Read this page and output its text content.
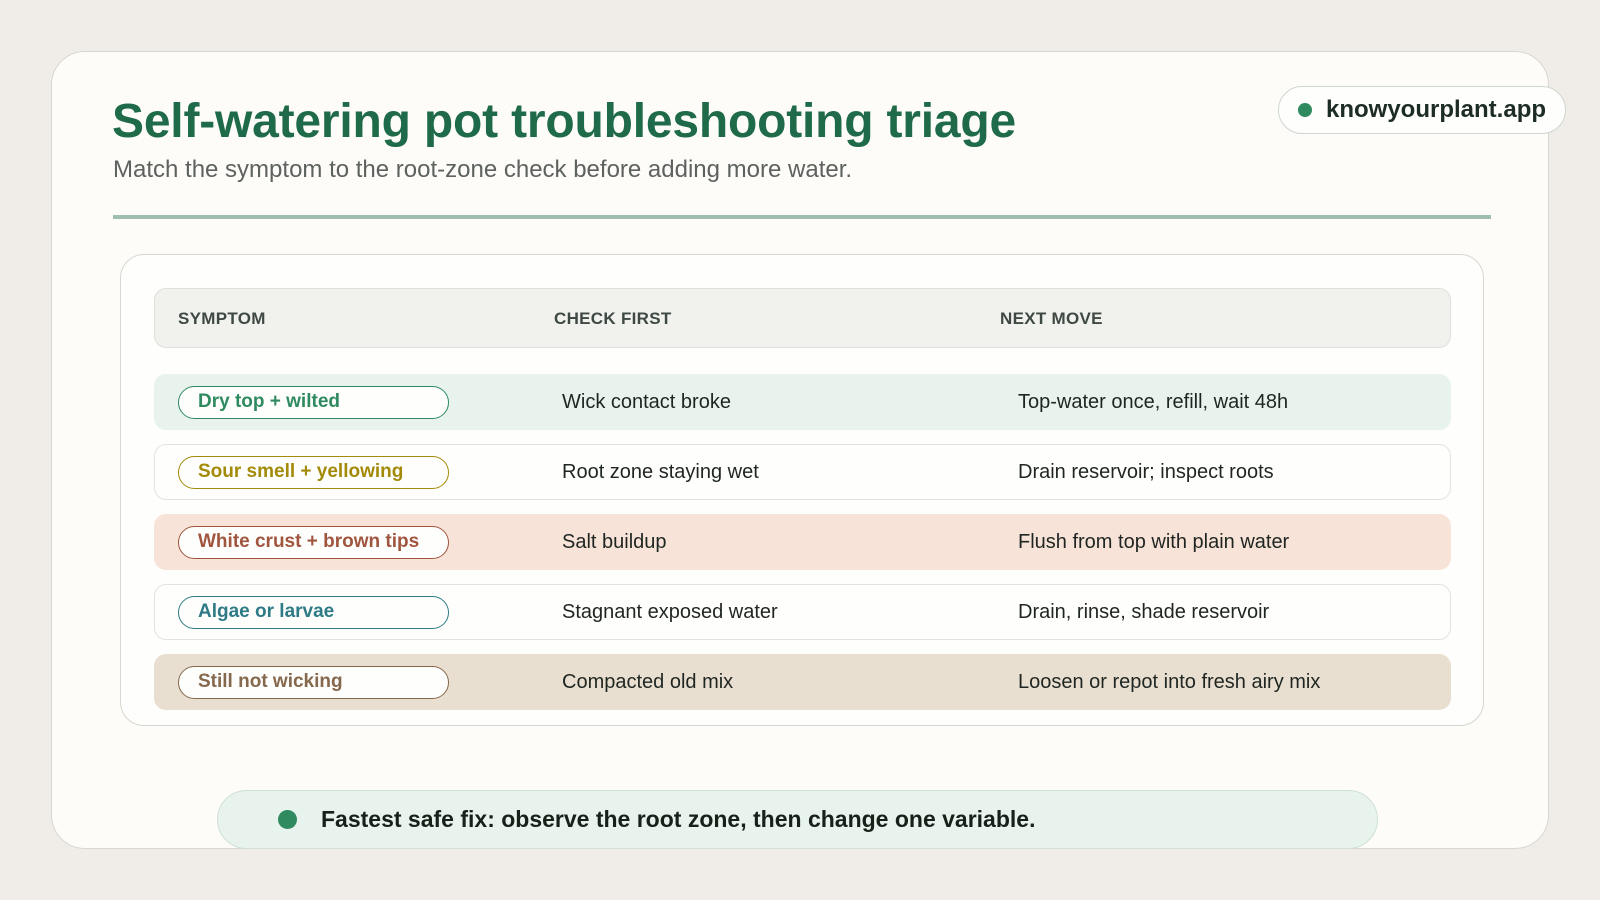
Self-watering pot troubleshooting triage

Match the symptom to the root-zone check before adding more water.

knowyourplant.app
SYMPTOM	CHECK FIRST	NEXT MOVE
Dry top + wilted	Wick contact broke	Top-water once, refill, wait 48h
Sour smell + yellowing	Root zone staying wet	Drain reservoir; inspect roots
White crust + brown tips	Salt buildup	Flush from top with plain water
Algae or larvae	Stagnant exposed water	Drain, rinse, shade reservoir
Still not wicking	Compacted old mix	Loosen or repot into fresh airy mix
Fastest safe fix: observe the root zone, then change one variable.
